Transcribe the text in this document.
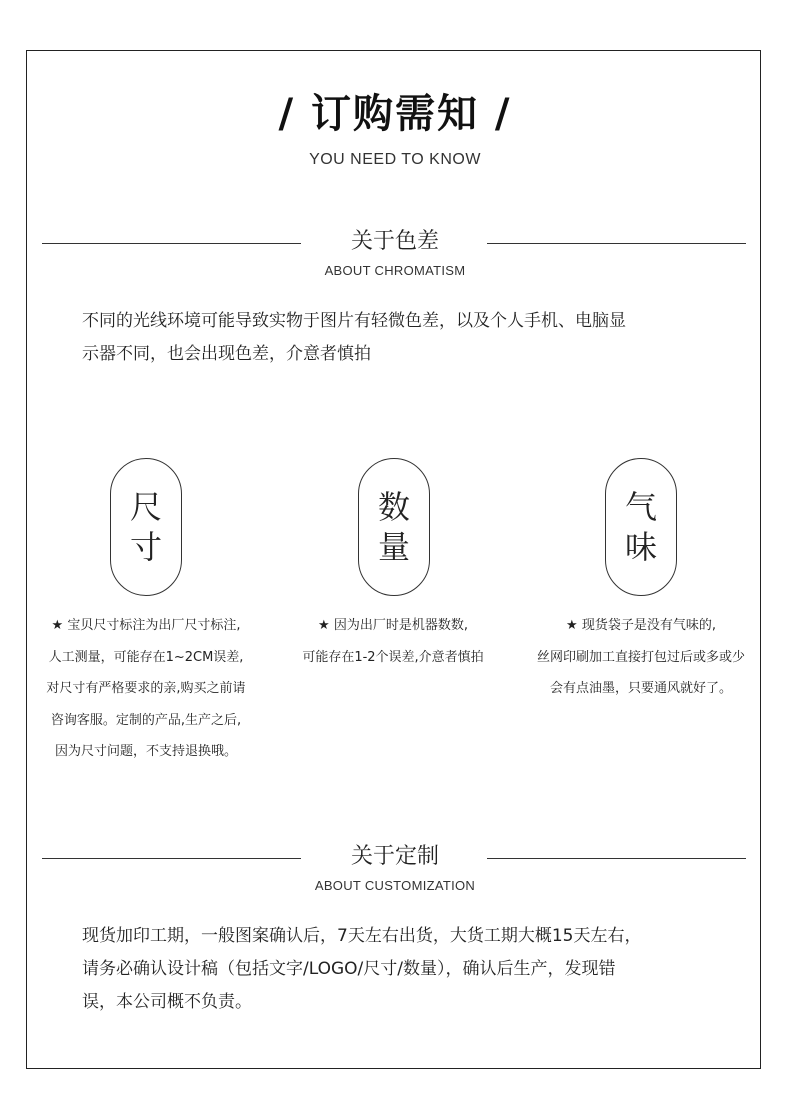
/ 订购需知 /
YOU NEED TO KNOW
关于色差
ABOUT CHROMATISM
不同的光线环境可能导致实物于图片有轻微色差，以及个人手机、电脑显
示器不同，也会出现色差，介意者慎拍
尺
寸
数
量
气
味
★ 宝贝尺寸标注为出厂尺寸标注,
人工测量，可能存在1~2CM误差,
对尺寸有严格要求的亲,购买之前请
咨询客服。定制的产品,生产之后,
因为尺寸问题，不支持退换哦。
★ 因为出厂时是机器数数,
可能存在1-2个误差,介意者慎拍
★ 现货袋子是没有气味的,
丝网印刷加工直接打包过后或多或少
会有点油墨，只要通风就好了。
关于定制
ABOUT CUSTOMIZATION
现货加印工期，一般图案确认后，7天左右出货，大货工期大概15天左右，
请务必确认设计稿（包括文字/LOGO/尺寸/数量），确认后生产，发现错
误，本公司概不负责。
